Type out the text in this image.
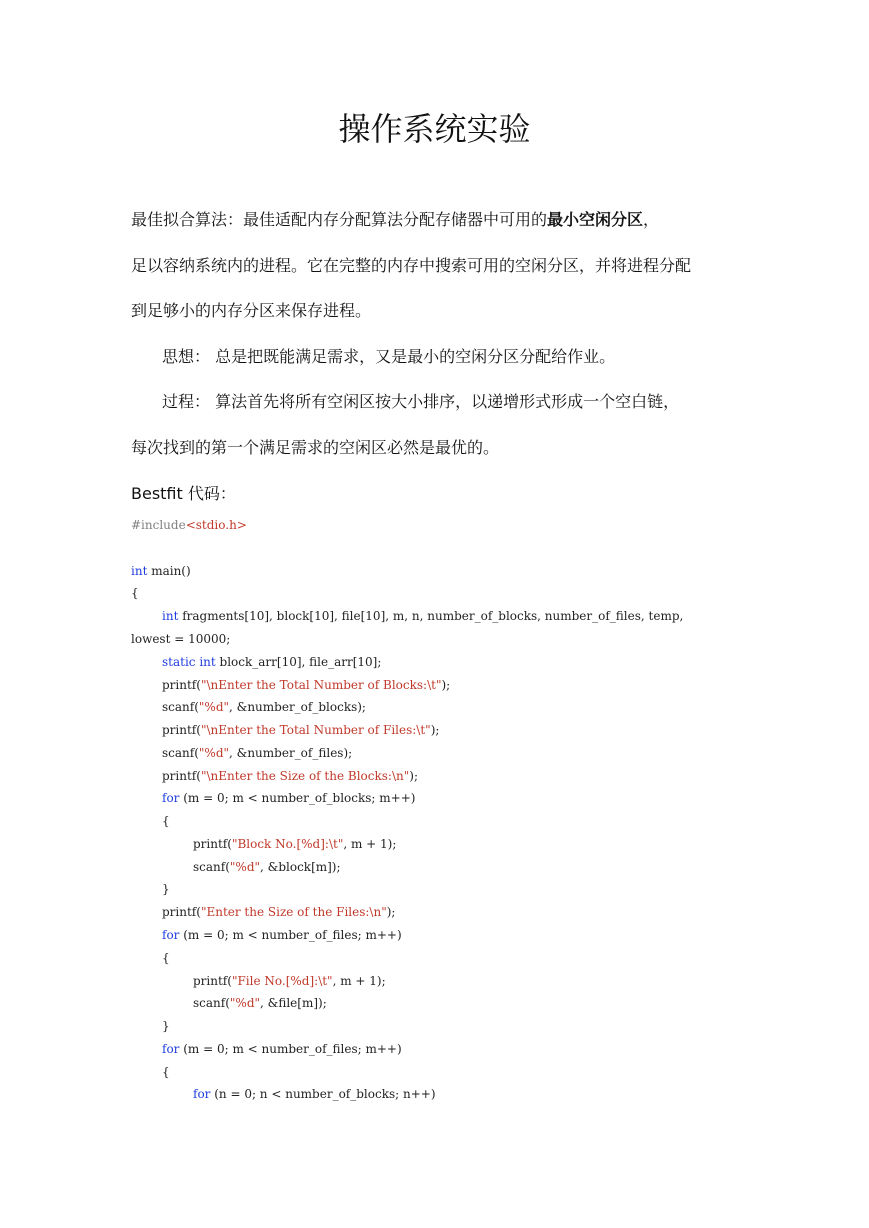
操作系统实验

最佳拟合算法：最佳适配内存分配算法分配存储器中可用的最小空闲分区，

足以容纳系统内的进程。它在完整的内存中搜索可用的空闲分区，并将进程分配

到足够小的内存分区来保存进程。

思想： 总是把既能满足需求，又是最小的空闲分区分配给作业。

过程： 算法首先将所有空闲区按大小排序，以递增形式形成一个空白链，

每次找到的第一个满足需求的空闲区必然是最优的。

Bestfit 代码：

#include<stdio.h>
int main()
{
int fragments[10], block[10], file[10], m, n, number_of_blocks, number_of_files, temp,
lowest = 10000;
static int block_arr[10], file_arr[10];
printf("\nEnter the Total Number of Blocks:\t");
scanf("%d", &number_of_blocks);
printf("\nEnter the Total Number of Files:\t");
scanf("%d", &number_of_files);
printf("\nEnter the Size of the Blocks:\n");
for (m = 0; m < number_of_blocks; m++)
{
printf("Block No.[%d]:\t", m + 1);
scanf("%d", &block[m]);
}
printf("Enter the Size of the Files:\n");
for (m = 0; m < number_of_files; m++)
{
printf("File No.[%d]:\t", m + 1);
scanf("%d", &file[m]);
}
for (m = 0; m < number_of_files; m++)
{
for (n = 0; n < number_of_blocks; n++)
